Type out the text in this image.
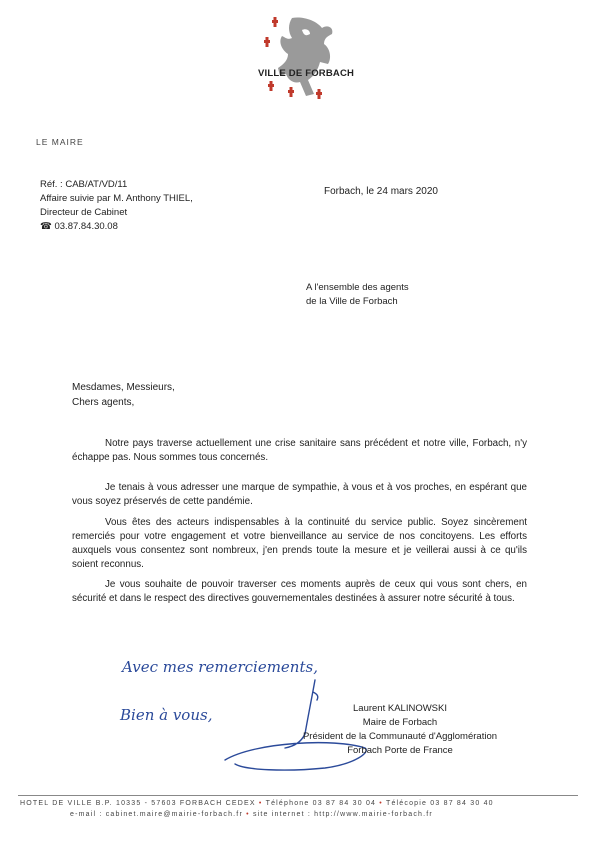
VILLE DE FORBACH
LE MAIRE
Réf. : CAB/AT/VD/11
Affaire suivie par M. Anthony THIEL,
Directeur de Cabinet
☎ 03.87.84.30.08
Forbach, le 24 mars 2020
A l'ensemble des agents
de la Ville de Forbach
Mesdames, Messieurs,
Chers agents,
Notre pays traverse actuellement une crise sanitaire sans précédent et notre ville, Forbach, n'y échappe pas. Nous sommes tous concernés.
Je tenais à vous adresser une marque de sympathie, à vous et à vos proches, en espérant que vous soyez préservés de cette pandémie.
Vous êtes des acteurs indispensables à la continuité du service public. Soyez sincèrement remerciés pour votre engagement et votre bienveillance au service de nos concitoyens. Les efforts auxquels vous consentez sont nombreux, j'en prends toute la mesure et je veillerai aussi à ce qu'ils soient reconnus.
Je vous souhaite de pouvoir traverser ces moments auprès de ceux qui vous sont chers, en sécurité et dans le respect des directives gouvernementales destinées à assurer notre sécurité à tous.
Avec mes remerciements,
Bien à vous,	Laurent KALINOWSKI
Maire de Forbach
Président de la Communauté d'Agglomération
Forbach Porte de France
HOTEL DE VILLE B.P. 10335 - 57603 FORBACH CEDEX • Téléphone 03 87 84 30 04 • Télécopie 03 87 84 30 40
e-mail : cabinet.maire@mairie-forbach.fr • site internet : http://www.mairie-forbach.fr
